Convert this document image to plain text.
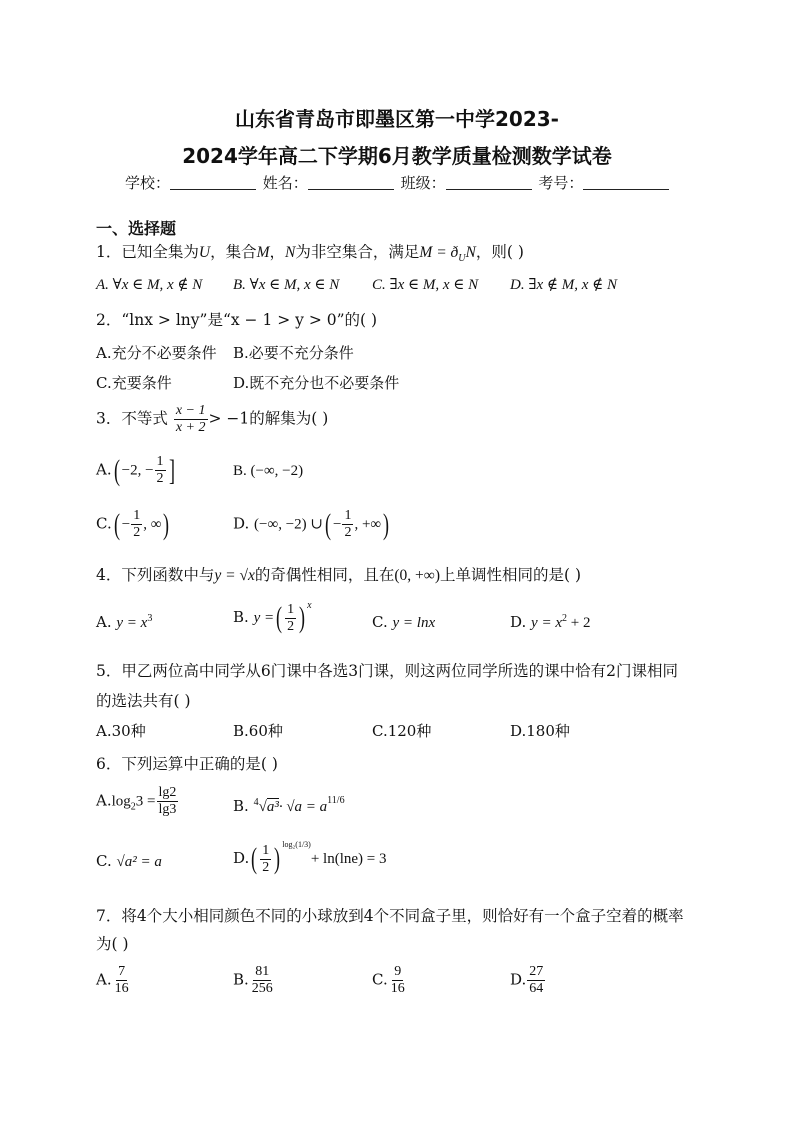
山东省青岛市即墨区第一中学2023-
2024学年高二下学期6月教学质量检测数学试卷
学校：	姓名：	班级：	考号：
一、选择题
1．已知全集为U，集合M，N为非空集合，满足$M = ð_UN$，则( )
A. ∀x ∈ M, x ∉ N B. ∀x ∈ M, x ∈ N C. ∃x ∈ M, x ∈ N D. ∃x ∉ M, x ∉ N
2．“lnx > lny”是“x − 1 > y > 0”的( )
A.充分不必要条件 B.必要不充分条件
C.充要条件	D.既不充分也不必要条件
3．不等式 $\frac{x - 1}{x + 2} > -1$的解集为( )
A.( −2, − $\frac{1}{2}$ ]	B. (−∞, −2)
$C.( - \frac{1}{2}$ , ∞)	D. (−∞, −2) ∪( − $\frac{1}{2}$ , +∞)
4．下列函数中与y = √x的奇偶性相同，且在(0, +∞)上单调性相同的是( )
A. $y = x^3$	B. y =( $\frac{1}{2}$ ) $^x$
C. y = lnx	D. $y = x^2 + 2$
5．甲乙两位高中同学从6门课中各选3门课，则这两位同学所选的课中恰有2门课相同
的选法共有( )
A.30种	B.60种	C.120种	D.180种
6．下列运算中正确的是( )
$A.\log_23 = \frac{\lg 2}{\lg 3}$	B. $^4√a^3\cdot √a = a^{11/6}$
C. √a² = a	$D.( \frac{1}{2}$ ) $^{log_2(1/3)}$+ ln(lne) = 3
7．将4个大小相同颜色不同的小球放到4个不同盒子里，则恰好有一个盒子空着的概率
为( )
A. $\frac{7}{16}$	B. $\frac{81}{256}$	C. $\frac{9}{16}$	D. $\frac{27}{64}$
